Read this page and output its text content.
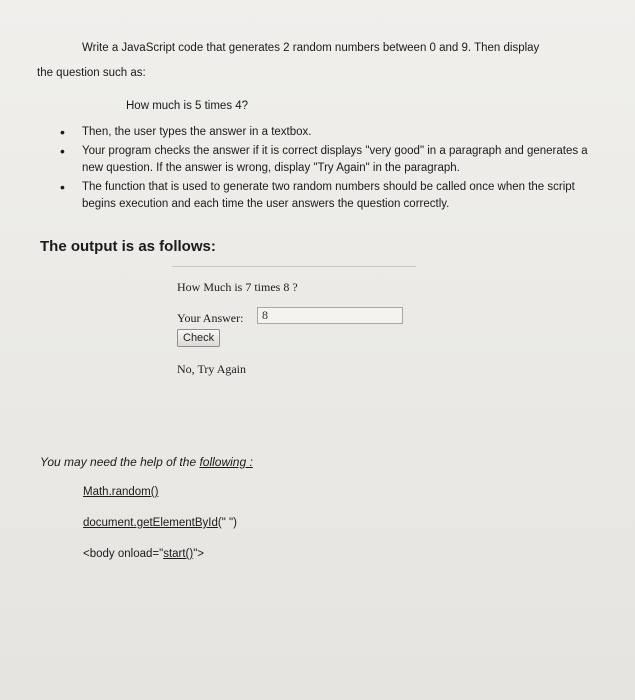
Write a JavaScript code that generates 2 random numbers between 0 and 9. Then display
the question such as:
How much is 5 times 4?
•	Then, the user types the answer in a textbox.
•	Your program checks the answer if it is correct displays "very good" in a paragraph and generates a new question. If the answer is wrong, display "Try Again" in the paragraph.
•	The function that is used to generate two random numbers should be called once when the script begins execution and each time the user answers the question correctly.
The output is as follows:
How Much is 7 times 8 ?
Your Answer:
8
Check
No, Try Again
You may need the help of the following :
Math.random()
document.getElementById(" ")
<body onload="start()">
